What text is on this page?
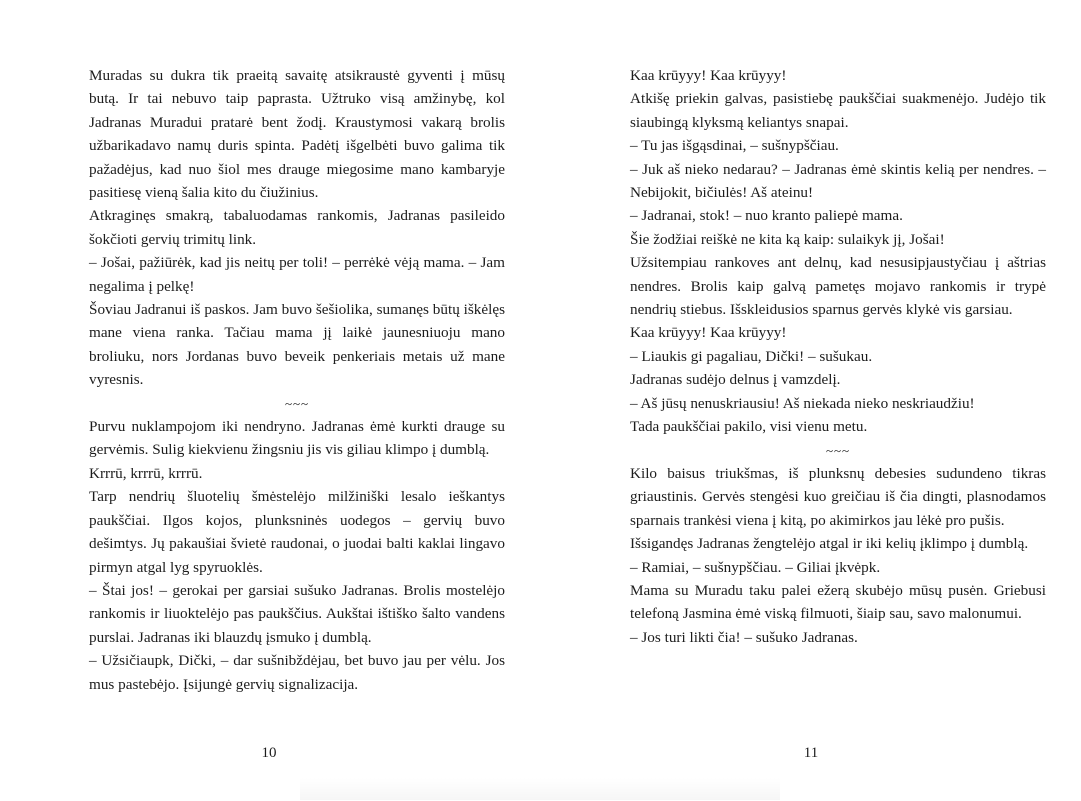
Muradas su dukra tik praeitą savaitę atsikraustė gyventi į mūsų butą. Ir tai nebuvo taip paprasta. Užtruko visą amžinybę, kol Jadranas Muradui pratarė bent žodį. Kraustymosi vakarą brolis užbarikadavo namų duris spinta. Padėtį išgelbėti buvo galima tik pažadėjus, kad nuo šiol mes drauge miegosime mano kambaryje pasitiesę vieną šalia kito du čiužinius.

Atkraginęs smakrą, tabaluodamas rankomis, Jadranas pasileido šokčioti gervių trimitų link.

– Jošai, pažiūrėk, kad jis neitų per toli! – perrėkė vėją mama. – Jam negalima į pelkę!

Šoviau Jadranui iš paskos. Jam buvo šešiolika, sumanęs būtų iškėlęs mane viena ranka. Tačiau mama jį laikė jaunesniuoju mano broliuku, nors Jordanas buvo beveik penkeriais metais už mane vyresnis.

~~~

Purvu nuklampojom iki nendryno. Jadranas ėmė kurkti drauge su gervėmis. Sulig kiekvienu žingsniu jis vis giliau klimpo į dumblą.

Krrrū, krrrū, krrrū.

Tarp nendrių šluotelių šmėstelėjo milžiniški lesalo ieškantys paukščiai. Ilgos kojos, plunksninės uodegos – gervių buvo dešimtys. Jų pakaušiai švietė raudonai, o juodai balti kaklai lingavo pirmyn atgal lyg spyruoklės.

– Štai jos! – gerokai per garsiai sušuko Jadranas. Brolis mostelėjo rankomis ir liuoktelėjo pas paukščius. Aukštai ištiško šalto vandens purslai. Jadranas iki blauzdų įsmuko į dumblą.

– Užsičiaupk, Dički, – dar sušnibždėjau, bet buvo jau per vėlu. Jos mus pastebėjo. Įsijungė gervių signalizacija.

10

Kaa krūyyy! Kaa krūyyy!

Atkišę priekin galvas, pasistiebę paukščiai suakmenėjo. Judėjo tik siaubingą klyksmą keliantys snapai.

– Tu jas išgąsdinai, – sušnypščiau.

– Juk aš nieko nedarau? – Jadranas ėmė skintis kelią per nendres. – Nebijokit, bičiulės! Aš ateinu!

– Jadranai, stok! – nuo kranto paliepė mama.

Šie žodžiai reiškė ne kita ką kaip: sulaikyk jį, Jošai!

Užsitempiau rankoves ant delnų, kad nesusipjaustyčiau į aštrias nendres. Brolis kaip galvą pametęs mojavo rankomis ir trypė nendrių stiebus. Išskleidusios sparnus gervės klykė vis garsiau.

Kaa krūyyy! Kaa krūyyy!

– Liaukis gi pagaliau, Dički! – sušukau.

Jadranas sudėjo delnus į vamzdelį.

– Aš jūsų nenuskriausiu! Aš niekada nieko neskriaudžiu!

Tada paukščiai pakilo, visi vienu metu.

~~~

Kilo baisus triukšmas, iš plunksnų debesies sudundeno tikras griaustinis. Gervės stengėsi kuo greičiau iš čia dingti, plasnodamos sparnais trankėsi viena į kitą, po akimirkos jau lėkė pro pušis.

Išsigandęs Jadranas žengtelėjo atgal ir iki kelių įklimpo į dumblą.

– Ramiai, – sušnypščiau. – Giliai įkvėpk.

Mama su Muradu taku palei ežerą skubėjo mūsų pusėn. Griebusi telefoną Jasmina ėmė viską filmuoti, šiaip sau, savo malonumui.

– Jos turi likti čia! – sušuko Jadranas.

11
